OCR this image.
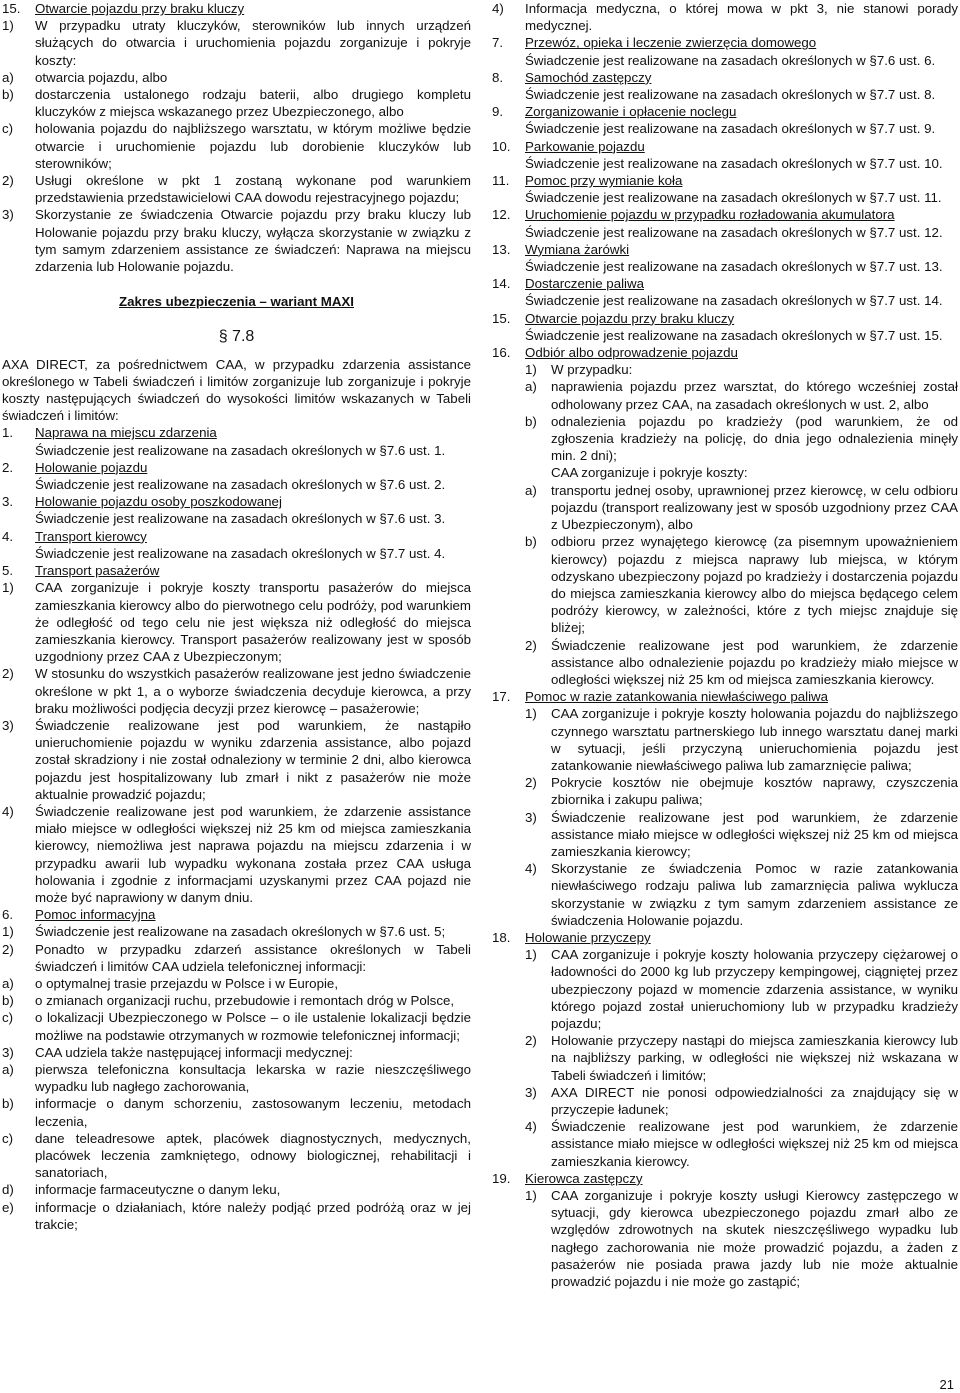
15. Otwarcie pojazdu przy braku kluczy
1) W przypadku utraty kluczyków, sterowników lub innych urządzeń służących do otwarcia i uruchomienia pojazdu zorganizuje i pokryje koszty:

a) otwarcia pojazdu, albo

b) dostarczenia ustalonego rodzaju baterii, albo drugiego kompletu kluczyków z miejsca wskazanego przez Ubezpieczonego, albo

c) holowania pojazdu do najbliższego warsztatu, w którym możliwe będzie otwarcie i uruchomienie pojazdu lub dorobienie kluczyków lub sterowników;

2) Usługi określone w pkt 1 zostaną wykonane pod warunkiem przedstawienia przedstawicielowi CAA dowodu rejestracyjnego pojazdu;

3) Skorzystanie ze świadczenia Otwarcie pojazdu przy braku kluczy lub Holowanie pojazdu przy braku kluczy, wyłącza skorzystanie w związku z tym samym zdarzeniem assistance ze świadczeń: Naprawa na miejscu zdarzenia lub Holowanie pojazdu.

Zakres ubezpieczenia – wariant MAXI
§ 7.8

AXA DIRECT, za pośrednictwem CAA, w przypadku zdarzenia assistance określonego w Tabeli świadczeń i limitów zorganizuje lub zorganizuje i pokryje koszty następujących świadczeń do wysokości limitów wskazanych w Tabeli świadczeń i limitów:

1. Naprawa na miejscu zdarzenia

Świadczenie jest realizowane na zasadach określonych w §7.6 ust. 1.

2. Holowanie pojazdu

Świadczenie jest realizowane na zasadach określonych w §7.6 ust. 2.

3. Holowanie pojazdu osoby poszkodowanej

Świadczenie jest realizowane na zasadach określonych w §7.6 ust. 3.

4. Transport kierowcy

Świadczenie jest realizowane na zasadach określonych w §7.7 ust. 4.

5. Transport pasażerów
1) CAA zorganizuje i pokryje koszty transportu pasażerów do miejsca zamieszkania kierowcy albo do pierwotnego celu podróży, pod warunkiem że odległość od tego celu nie jest większa niż odległość do miejsca zamieszkania kierowcy. Transport pasażerów realizowany jest w sposób uzgodniony przez CAA z Ubezpieczonym;

2) W stosunku do wszystkich pasażerów realizowane jest jedno świadczenie określone w pkt 1, a o wyborze świadczenia decyduje kierowca, a przy braku możliwości podjęcia decyzji przez kierowcę – pasażerowie;

3) Świadczenie realizowane jest pod warunkiem, że nastąpiło unieruchomienie pojazdu w wyniku zdarzenia assistance, albo pojazd został skradziony i nie został odnaleziony w terminie 2 dni, albo kierowca pojazdu jest hospitalizowany lub zmarł i nikt z pasażerów nie może aktualnie prowadzić pojazdu;

4) Świadczenie realizowane jest pod warunkiem, że zdarzenie assistance miało miejsce w odległości większej niż 25 km od miejsca zamieszkania kierowcy, niemożliwa jest naprawa pojazdu na miejscu zdarzenia i w przypadku awarii lub wypadku wykonana została przez CAA usługa holowania i zgodnie z informacjami uzyskanymi przez CAA pojazd nie może być naprawiony w danym dniu.

6. Pomoc informacyjna
1) Świadczenie jest realizowane na zasadach określonych w §7.6 ust. 5;

2) Ponadto w przypadku zdarzeń assistance określonych w Tabeli świadczeń i limitów CAA udziela telefonicznej informacji:

a) o optymalnej trasie przejazdu w Polsce i w Europie,

b) o zmianach organizacji ruchu, przebudowie i remontach dróg w Polsce,

c) o lokalizacji Ubezpieczonego w Polsce – o ile ustalenie lokalizacji będzie możliwe na podstawie otrzymanych w rozmowie telefonicznej informacji;

3) CAA udziela także następującej informacji medycznej:

a) pierwsza telefoniczna konsultacja lekarska w razie nieszczęśliwego wypadku lub nagłego zachorowania,

b) informacje o danym schorzeniu, zastosowanym leczeniu, metodach leczenia,

c) dane teleadresowe aptek, placówek diagnostycznych, medycznych, placówek leczenia zamkniętego, odnowy biologicznej, rehabilitacji i sanatoriach,

d) informacje farmaceutyczne o danym leku,

e) informacje o działaniach, które należy podjąć przed podróżą oraz w jej trakcie;

4) Informacja medyczna, o której mowa w pkt 3, nie stanowi porady medycznej.

7. Przewóz, opieka i leczenie zwierzęcia domowego

Świadczenie jest realizowane na zasadach określonych w §7.6 ust. 6.

8. Samochód zastępczy

Świadczenie jest realizowane na zasadach określonych w §7.7 ust. 8.

9. Zorganizowanie i opłacenie noclegu

Świadczenie jest realizowane na zasadach określonych w §7.7 ust. 9.

10. Parkowanie pojazdu

Świadczenie jest realizowane na zasadach określonych w §7.7 ust. 10.

11. Pomoc przy wymianie koła

Świadczenie jest realizowane na zasadach określonych w §7.7 ust. 11.

12. Uruchomienie pojazdu w przypadku rozładowania akumulatora

Świadczenie jest realizowane na zasadach określonych w §7.7 ust. 12.

13. Wymiana żarówki

Świadczenie jest realizowane na zasadach określonych w §7.7 ust. 13.

14. Dostarczenie paliwa

Świadczenie jest realizowane na zasadach określonych w §7.7 ust. 14.

15. Otwarcie pojazdu przy braku kluczy

Świadczenie jest realizowane na zasadach określonych w §7.7 ust. 15.

16. Odbiór albo odprowadzenie pojazdu
1) W przypadku:

a) naprawienia pojazdu przez warsztat, do którego wcześniej został odholowany przez CAA, na zasadach określonych w ust. 2, albo

b) odnalezienia pojazdu po kradzieży (pod warunkiem, że od zgłoszenia kradzieży na policję, do dnia jego odnalezienia minęły min. 2 dni);

CAA zorganizuje i pokryje koszty:

a) transportu jednej osoby, uprawnionej przez kierowcę, w celu odbioru pojazdu (transport realizowany jest w sposób uzgodniony przez CAA z Ubezpieczonym), albo

b) odbioru przez wynajętego kierowcę (za pisemnym upoważnieniem kierowcy) pojazdu z miejsca naprawy lub miejsca, w którym odzyskano ubezpieczony pojazd po kradzieży i dostarczenia pojazdu do miejsca zamieszkania kierowcy albo do miejsca będącego celem podróży kierowcy, w zależności, które z tych miejsc znajduje się bliżej;

2) Świadczenie realizowane jest pod warunkiem, że zdarzenie assistance albo odnalezienie pojazdu po kradzieży miało miejsce w odległości większej niż 25 km od miejsca zamieszkania kierowcy.

17. Pomoc w razie zatankowania niewłaściwego paliwa
1) CAA zorganizuje i pokryje koszty holowania pojazdu do najbliższego czynnego warsztatu partnerskiego lub innego warsztatu danej marki w sytuacji, jeśli przyczyną unieruchomienia pojazdu jest zatankowanie niewłaściwego paliwa lub zamarznięcie paliwa;

2) Pokrycie kosztów nie obejmuje kosztów naprawy, czyszczenia zbiornika i zakupu paliwa;

3) Świadczenie realizowane jest pod warunkiem, że zdarzenie assistance miało miejsce w odległości większej niż 25 km od miejsca zamieszkania kierowcy;

4) Skorzystanie ze świadczenia Pomoc w razie zatankowania niewłaściwego rodzaju paliwa lub zamarznięcia paliwa wyklucza skorzystanie w związku z tym samym zdarzeniem assistance ze świadczenia Holowanie pojazdu.

18. Holowanie przyczepy
1) CAA zorganizuje i pokryje koszty holowania przyczepy ciężarowej o ładowności do 2000 kg lub przyczepy kempingowej, ciągniętej przez ubezpieczony pojazd w momencie zdarzenia assistance, w wyniku którego pojazd został unieruchomiony lub w przypadku kradzieży pojazdu;

2) Holowanie przyczepy nastąpi do miejsca zamieszkania kierowcy lub na najbliższy parking, w odległości nie większej niż wskazana w Tabeli świadczeń i limitów;

3) AXA DIRECT nie ponosi odpowiedzialności za znajdujący się w przyczepie ładunek;

4) Świadczenie realizowane jest pod warunkiem, że zdarzenie assistance miało miejsce w odległości większej niż 25 km od miejsca zamieszkania kierowcy.

19. Kierowca zastępczy
1) CAA zorganizuje i pokryje koszty usługi Kierowcy zastępczego w sytuacji, gdy kierowca ubezpieczonego pojazdu zmarł albo ze względów zdrowotnych na skutek nieszczęśliwego wypadku lub nagłego zachorowania nie może prowadzić pojazdu, a żaden z pasażerów nie posiada prawa jazdy lub nie może aktualnie prowadzić pojazdu i nie może go zastąpić;

21
